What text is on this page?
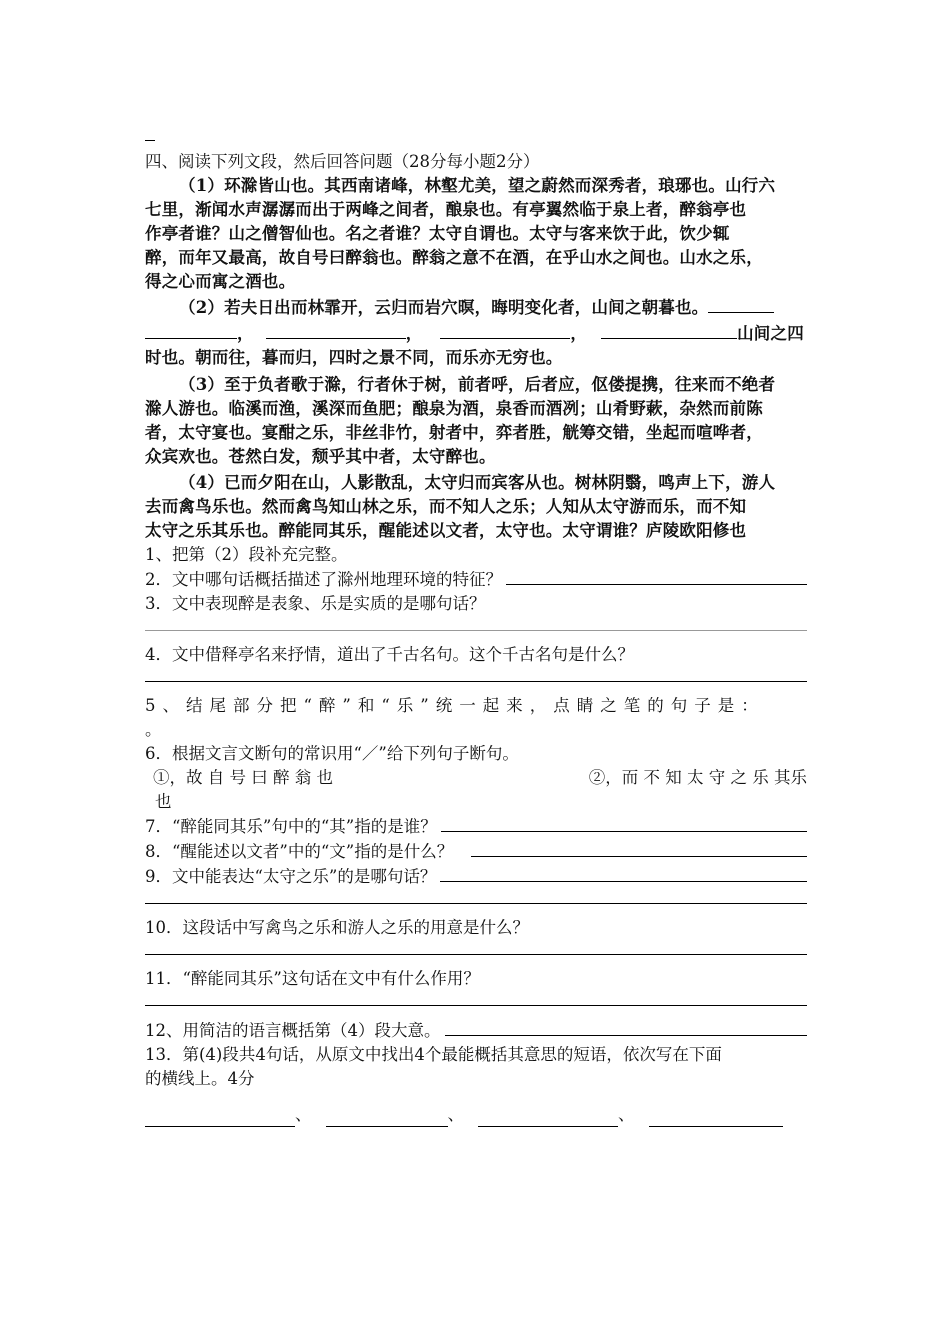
四、阅读下列文段，然后回答问题（28分每小题2分）
（1）环滁皆山也。其西南诸峰，林壑尤美，望之蔚然而深秀者，琅琊也。山行六
七里，渐闻水声潺潺而出于两峰之间者，酿泉也。有亭翼然临于泉上者，醉翁亭也
作亭者谁？山之僧智仙也。名之者谁？太守自谓也。太守与客来饮于此，饮少辄
醉，而年又最高，故自号曰醉翁也。醉翁之意不在酒，在乎山水之间也。山水之乐，
得之心而寓之酒也。
（2）若夫日出而林霏开，云归而岩穴暝，晦明变化者，山间之朝暮也。
，	，	，	山间之四
时也。朝而往，暮而归，四时之景不同，而乐亦无穷也。
（3）至于负者歌于滁，行者休于树，前者呼，后者应，伛偻提携，往来而不绝者
滁人游也。临溪而渔，溪深而鱼肥；酿泉为酒，泉香而酒冽；山肴野蔌，杂然而前陈
者，太守宴也。宴酣之乐，非丝非竹，射者中，弈者胜，觥筹交错，坐起而喧哗者，
众宾欢也。苍然白发，颓乎其中者，太守醉也。
（4）已而夕阳在山，人影散乱，太守归而宾客从也。树林阴翳，鸣声上下，游人
去而禽鸟乐也。然而禽鸟知山林之乐，而不知人之乐；人知从太守游而乐，而不知
太守之乐其乐也。醉能同其乐，醒能述以文者，太守也。太守谓谁？庐陵欧阳修也
1、把第（2）段补充完整。
2．文中哪句话概括描述了滁州地理环境的特征？
3．文中表现醉是表象、乐是实质的是哪句话？
4．文中借释亭名来抒情，道出了千古名句。这个千古名句是什么？
5、结尾部分把“醉”和“乐”统一起来，点睛之笔的句子是：
。
6．根据文言文断句的常识用“／”给下列句子断句。
①，故 自 号 曰 醉 翁 也	②，而 不 知 太 守 之 乐 其乐
也
7．“醉能同其乐”句中的“其”指的是谁？
8．“醒能述以文者”中的“文”指的是什么？
9．文中能表达“太守之乐”的是哪句话？
10．这段话中写禽鸟之乐和游人之乐的用意是什么？
11．“醉能同其乐”这句话在文中有什么作用？
12、用简洁的语言概括第（4）段大意。
13．第(4)段共4句话，从原文中找出4个最能概括其意思的短语，依次写在下面
的横线上。4分
、	、	、
